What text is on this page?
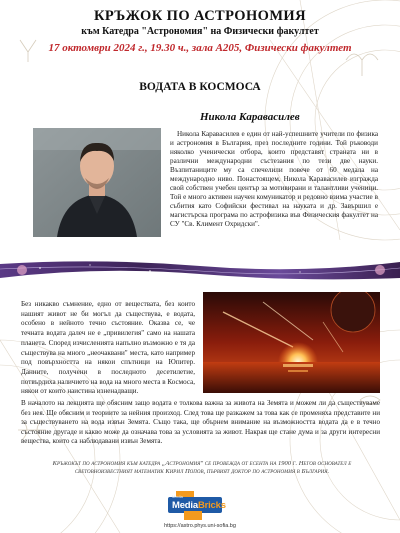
КРЪЖОК ПО АСТРОНОМИЯ
към Катедра "Астрономия" на Физически факултет
17 октомври 2024 г., 19.30 ч., зала А205, Физически факултет
ВОДАТА В КОСМОСА
Никола Каравасилев

Никола Каравасилев е един от най-успешните учители по физика и астрономия в България, през последните години. Той ръководи няколко ученически отбора, които представят страната ни в различни международни състезания по тези две науки. Възпитаниците му са спечелили повече от 60 медала на международно ниво. Понастоящем, Никола Каравасилев изгражда свой собствен учебен център за мотивирани и талантливи ученици. Той е много активен научен комуникатор и редовно взима участие в събития като Софийски фестивал на науката и др. Завършил е магистърска програма по астрофизика във Физическия факултет на СУ "Св. Климент Охридски".

Без никакво съмнение, едно от веществата, без които нашият живот не би могъл да съществува, е водата, особено в нейното течно състояние. Оказва се, че течната водата далеч не е „привилегия" само на нашата планета. Според изчисленията напълно възможно е тя да съществува на много „неочаквани" места, като например под повърхността на някои спътници на Юпитер. Данните, получени в последното десетилетие, потвърдиха наличието на вода на много места в Космоса, някои от които наистина изненадващи.

В началото на лекцията ще обясним защо водата е толкова важна за живота на Земята и можем ли да съществуваме без нея. Ще обясним и теориите за нейния произход. След това ще разкажем за това как се променяха представите ни за съществуването на вода извън Земята. Също така, ще обърнем внимание на възможността водата да е в течно състояние другаде и какво може да означава това за условията за живот. Накрая ще стане дума и за други интересни вещества, които са наблюдавани извън Земята.

Кръжокът по астрономия към катедра „Астрономия" се провежда от есента на 1900 г. Негов основател е световноизвестният математик Кирил Попов, първият доктор по астрономия в България.

Media
MediaBricks
https://astro.phys.uni-sofia.bg
